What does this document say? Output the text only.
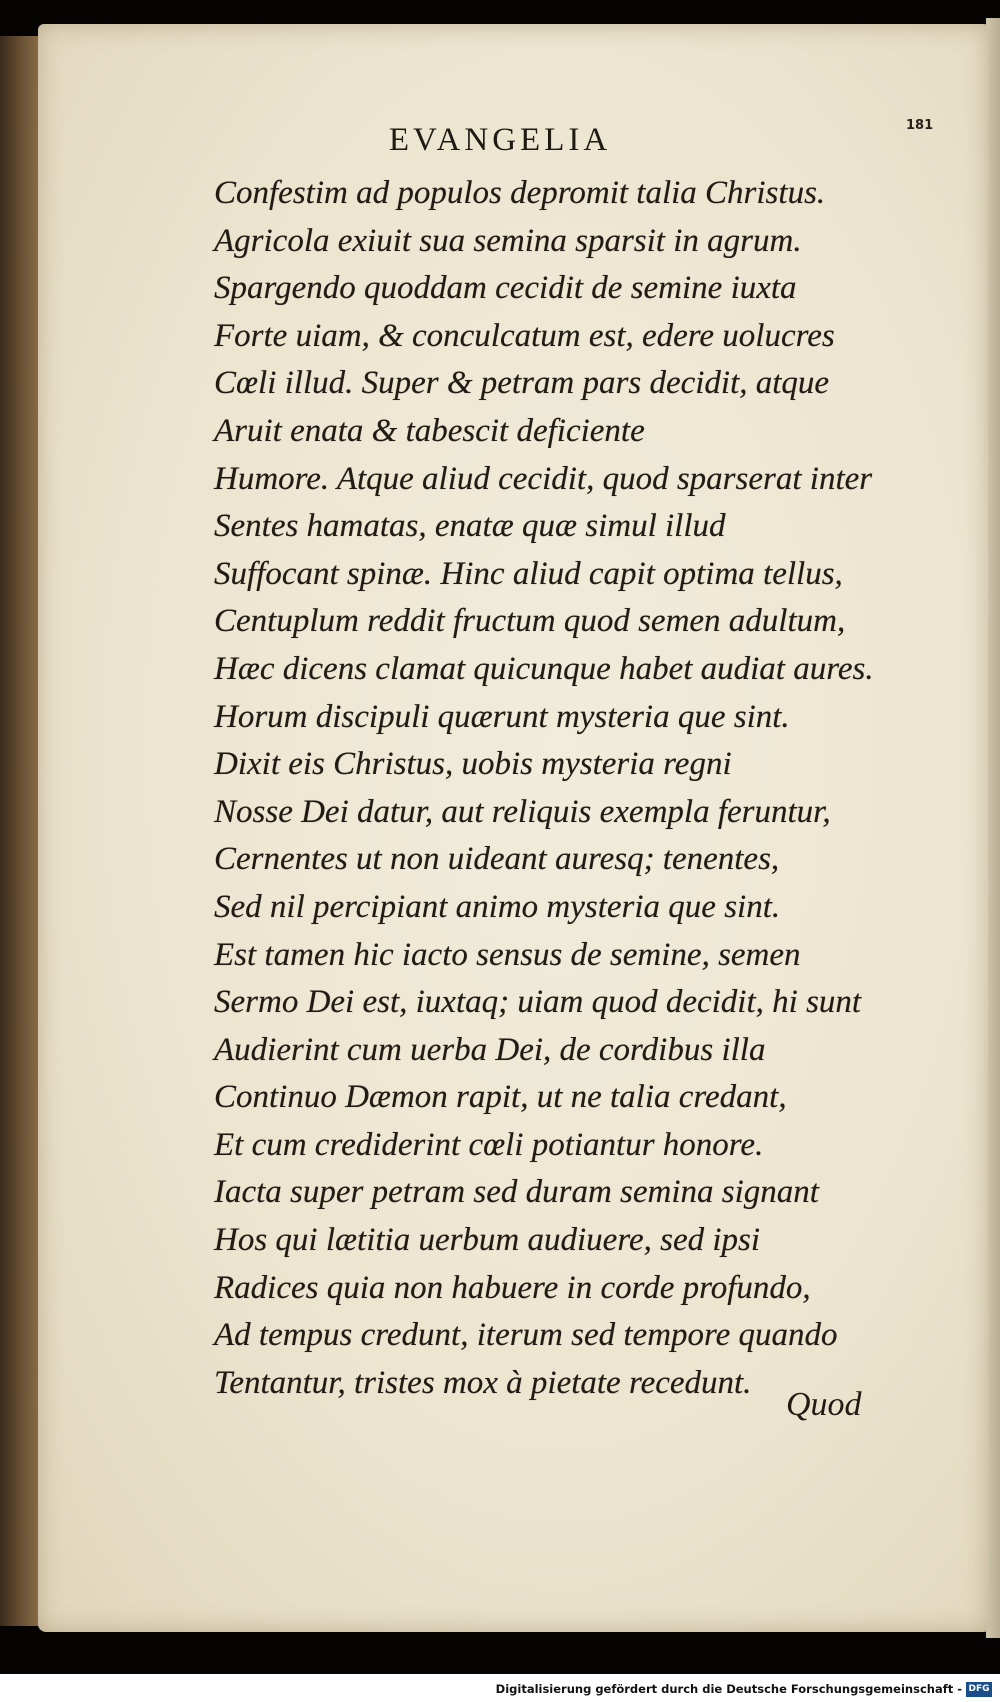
181
EVANGELIA
Confestim ad populos depromit talia Christus.
Agricola exiuit sua semina sparsit in agrum.
Spargendo quoddam cecidit de semine iuxta
Forte uiam, & conculcatum est, edere uolucres
Cœli illud. Super & petram pars decidit, atque
Aruit enata & tabescit deficiente
Humore. Atque aliud cecidit, quod sparserat inter
Sentes hamatas, enatæ quæ simul illud
Suffocant spinæ. Hinc aliud capit optima tellus,
Centuplum reddit fructum quod semen adultum,
Hæc dicens clamat quicunque habet audiat aures.
Horum discipuli quærunt mysteria que sint.
Dixit eis Christus, uobis mysteria regni
Nosse Dei datur, aut reliquis exempla feruntur,
Cernentes ut non uideant auresq; tenentes,
Sed nil percipiant animo mysteria que sint.
Est tamen hic iacto sensus de semine, semen
Sermo Dei est, iuxtaq; uiam quod decidit, hi sunt
Audierint cum uerba Dei, de cordibus illa
Continuo Dæmon rapit, ut ne talia credant,
Et cum crediderint cœli potiantur honore.
Iacta super petram sed duram semina signant
Hos qui lætitia uerbum audiuere, sed ipsi
Radices quia non habuere in corde profundo,
Ad tempus credunt, iterum sed tempore quando
Tentantur, tristes mox à pietate recedunt.
Quod
Digitalisierung gefördert durch die Deutsche Forschungsgemeinschaft - DFG
